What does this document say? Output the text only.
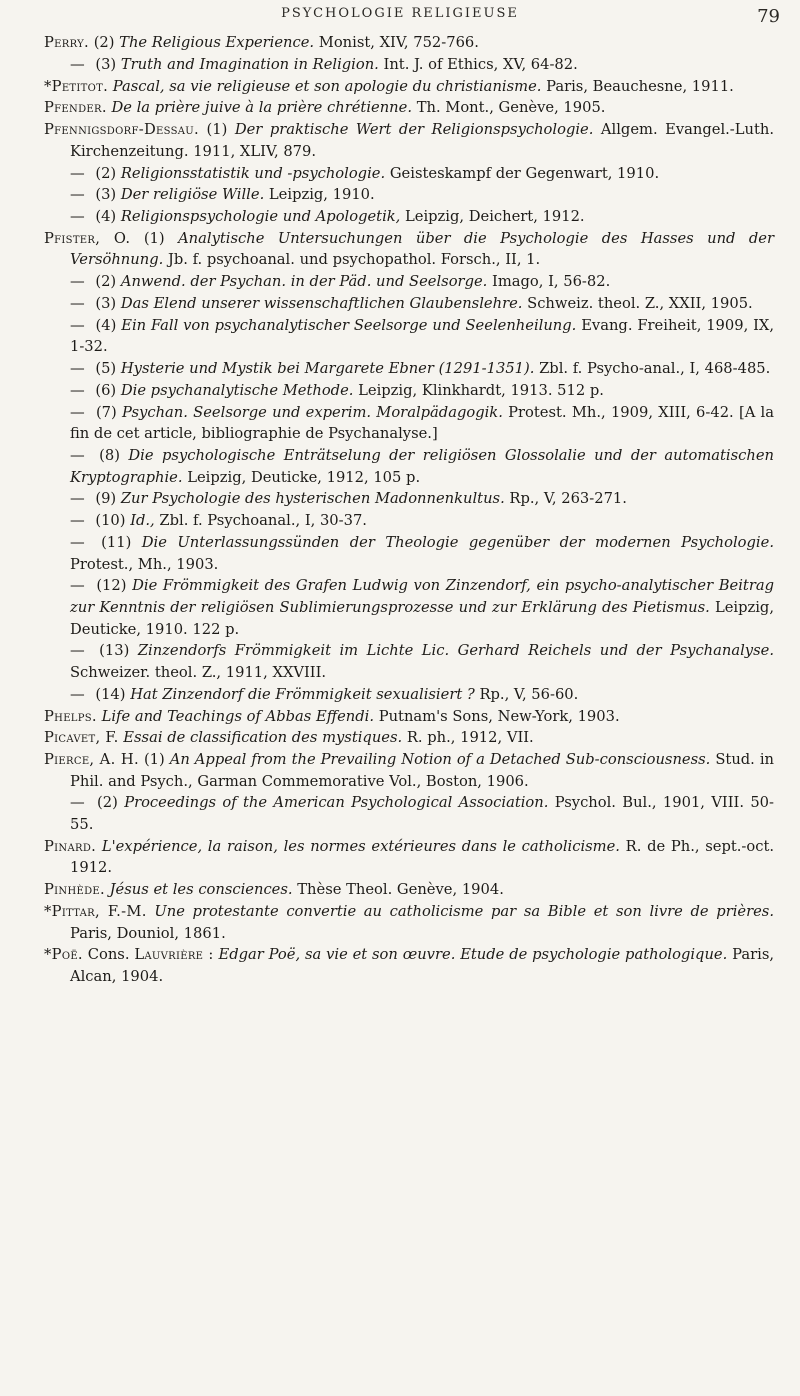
PSYCHOLOGIE RELIGIEUSE	79

Perry. (2) The Religious Experience. Monist, XIV, 752-766.

— (3) Truth and Imagination in Religion. Int. J. of Ethics, XV, 64-82.

*Petitot. Pascal, sa vie religieuse et son apologie du christianisme. Paris, Beauchesne, 1911.

Pfender. De la prière juive à la prière chrétienne. Th. Mont., Genève, 1905.

Pfennigsdorf-Dessau. (1) Der praktische Wert der Religionspsychologie. Allgem. Evangel.-Luth. Kirchenzeitung. 1911, XLIV, 879.

— (2) Religionsstatistik und -psychologie. Geisteskampf der Gegenwart, 1910.

— (3) Der religiöse Wille. Leipzig, 1910.

— (4) Religionspsychologie und Apologetik, Leipzig, Deichert, 1912.

Pfister, O. (1) Analytische Untersuchungen über die Psychologie des Hasses und der Versöhnung. Jb. f. psychoanal. und psychopathol. Forsch., II, 1.

— (2) Anwend. der Psychan. in der Päd. und Seelsorge. Imago, I, 56-82.

— (3) Das Elend unserer wissenschaftlichen Glaubenslehre. Schweiz. theol. Z., XXII, 1905.

— (4) Ein Fall von psychanalytischer Seelsorge und Seelenheilung. Evang. Freiheit, 1909, IX, 1-32.

— (5) Hysterie und Mystik bei Margarete Ebner (1291-1351). Zbl. f. Psycho-anal., I, 468-485.

— (6) Die psychanalytische Methode. Leipzig, Klinkhardt, 1913. 512 p.

— (7) Psychan. Seelsorge und experim. Moralpädagogik. Protest. Mh., 1909, XIII, 6-42. [A la fin de cet article, bibliographie de Psychanalyse.]

— (8) Die psychologische Enträtselung der religiösen Glossolalie und der automatischen Kryptographie. Leipzig, Deuticke, 1912, 105 p.

— (9) Zur Psychologie des hysterischen Madonnenkultus. Rp., V, 263-271.

— (10) Id., Zbl. f. Psychoanal., I, 30-37.

— (11) Die Unterlassungssünden der Theologie gegenüber der modernen Psychologie. Protest., Mh., 1903.

— (12) Die Frömmigkeit des Grafen Ludwig von Zinzendorf, ein psycho-analytischer Beitrag zur Kenntnis der religiösen Sublimierungsprozesse und zur Erklärung des Pietismus. Leipzig, Deuticke, 1910. 122 p.

— (13) Zinzendorfs Frömmigkeit im Lichte Lic. Gerhard Reichels und der Psychanalyse. Schweizer. theol. Z., 1911, XXVIII.

— (14) Hat Zinzendorf die Frömmigkeit sexualisiert ? Rp., V, 56-60.

Phelps. Life and Teachings of Abbas Effendi. Putnam's Sons, New-York, 1903.

Picavet, F. Essai de classification des mystiques. R. ph., 1912, VII.

Pierce, A. H. (1) An Appeal from the Prevailing Notion of a Detached Sub-consciousness. Stud. in Phil. and Psych., Garman Commemorative Vol., Boston, 1906.

— (2) Proceedings of the American Psychological Association. Psychol. Bul., 1901, VIII. 50-55.

Pinard. L'expérience, la raison, les normes extérieures dans le catholicisme. R. de Ph., sept.-oct. 1912.

Pinhède. Jésus et les consciences. Thèse Theol. Genève, 1904.

*Pittar, F.-M. Une protestante convertie au catholicisme par sa Bible et son livre de prières. Paris, Douniol, 1861.

*Poë. Cons. Lauvrière : Edgar Poë, sa vie et son œuvre. Etude de psychologie pathologique. Paris, Alcan, 1904.
